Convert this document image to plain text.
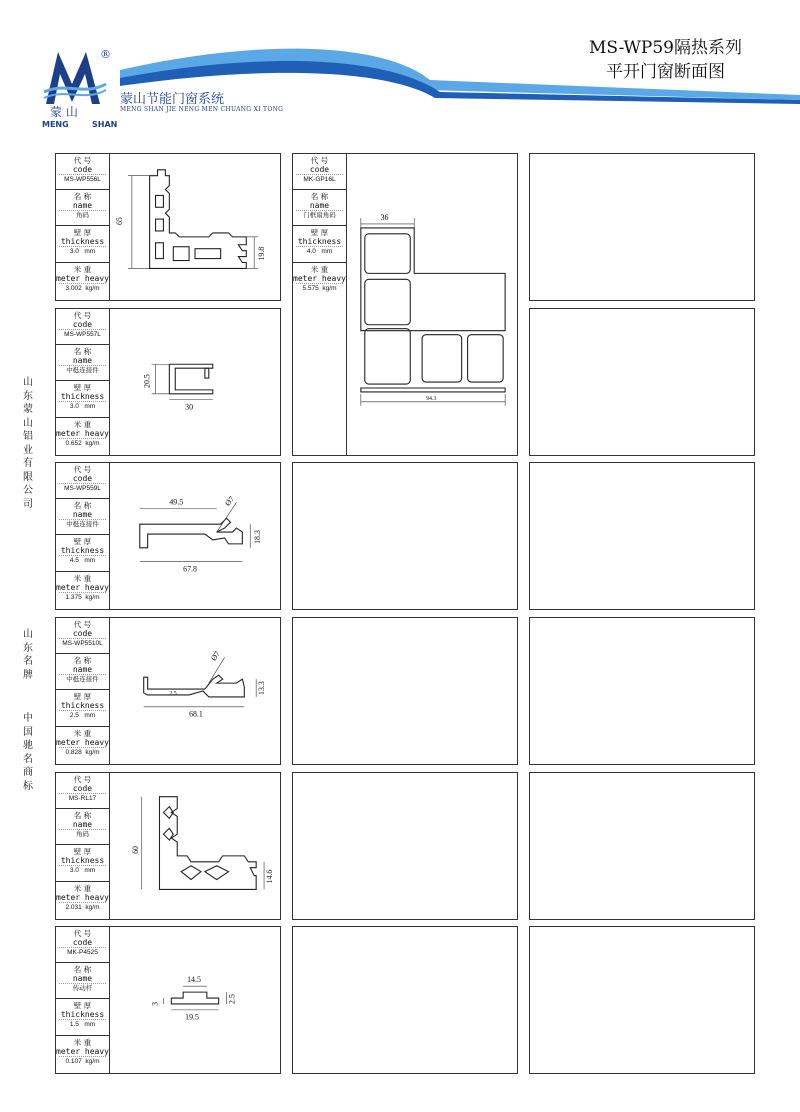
蒙 山
®
MENG	SHAN
蒙山节能门窗系统
MENG SHAN JIE NENG MEN CHUANG XI TONG
MS-WP59隔热系列
平开门窗断面图
山东蒙山铝业有限公司
山东名牌
中国驰名商标
代 号
code
MS-WP556L
名 称
name
角码
壁 厚
thickness
3.0 mm
米 重
meter heavy
3.002 kg/m
65
19.8
代 号
code
MK-GP16L
名 称
name
门框扇角码
壁 厚
thickness
4.0 mm
米 重
meter heavy
5.575 kg/m
36
94.3
代 号
code
MS-WP557L
名 称
name
中梃连接件
壁 厚
thickness
3.0 mm
米 重
meter heavy
0.652 kg/m
20.5
30
代 号
code
MS-WP559L
名 称
name
中梃连接件
壁 厚
thickness
4.5 mm
米 重
meter heavy
1.375 kg/m
49.5	Ø7
18.3
67.8
代 号
code
MS-WP5510L
名 称
name
中梃连接件
壁 厚
thickness
2.5 mm
米 重
meter heavy
0.828 kg/m
Ø7
2.5	13.3
68.1
代 号
code
MS-RL17
名 称
name
角码
壁 厚
thickness
3.0 mm
米 重
meter heavy
2.031 kg/m
60
14.6
代 号
code
MK-P4525
名 称
name
传动杆
壁 厚
thickness
1.5 mm
米 重
meter heavy
0.107 kg/m
14.5
3
19.5
2.5
